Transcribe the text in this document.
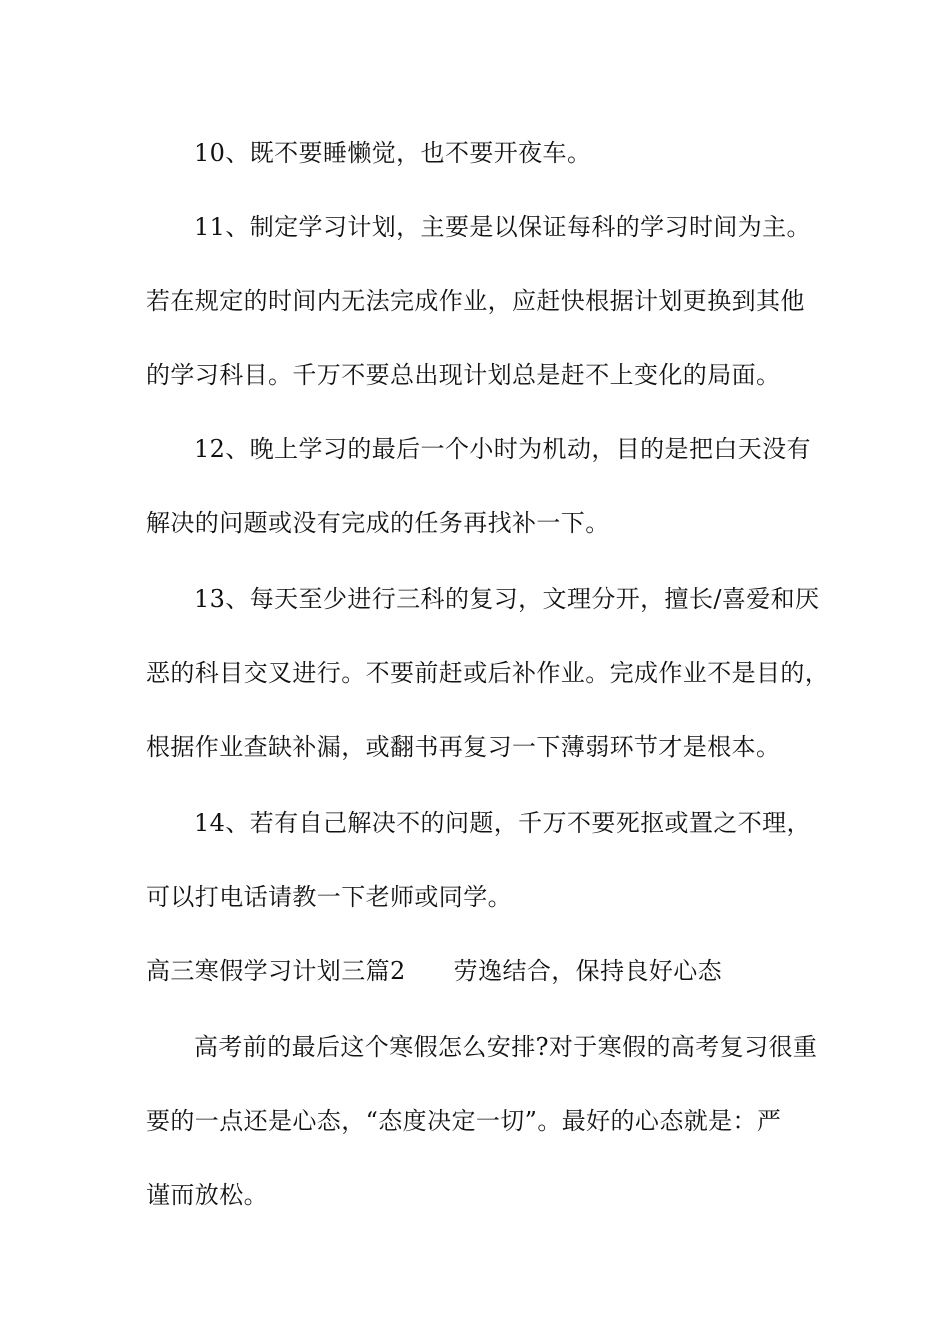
10、既不要睡懒觉，也不要开夜车。
11、制定学习计划，主要是以保证每科的学习时间为主。
若在规定的时间内无法完成作业，应赶快根据计划更换到其他
的学习科目。千万不要总出现计划总是赶不上变化的局面。
12、晚上学习的最后一个小时为机动，目的是把白天没有
解决的问题或没有完成的任务再找补一下。
13、每天至少进行三科的复习，文理分开，擅长/喜爱和厌
恶的科目交叉进行。不要前赶或后补作业。完成作业不是目的，
根据作业查缺补漏，或翻书再复习一下薄弱环节才是根本。
14、若有自己解决不的问题，千万不要死抠或置之不理，
可以打电话请教一下老师或同学。
高三寒假学习计划三篇2 劳逸结合，保持良好心态
高考前的最后这个寒假怎么安排?对于寒假的高考复习很重
要的一点还是心态，“态度决定一切”。最好的心态就是：严
谨而放松。
